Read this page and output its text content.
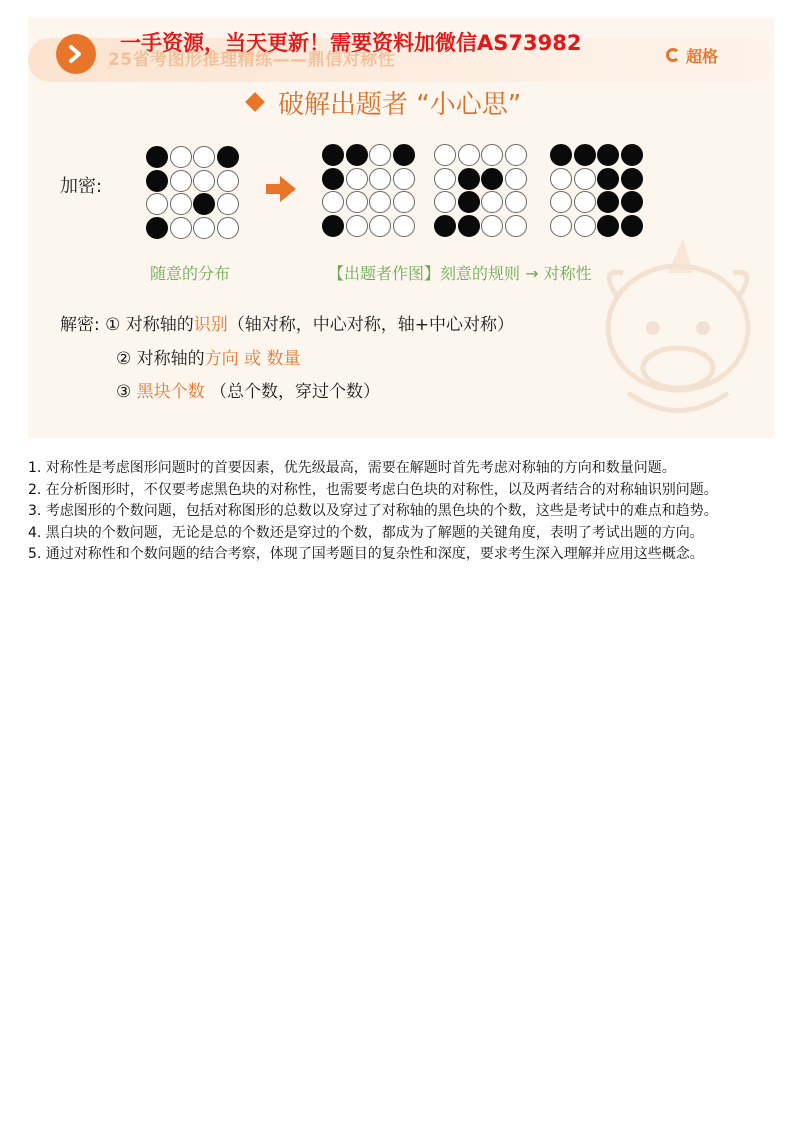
25省考图形推理精练——鼎信对称性
一手资源，当天更新！需要资料加微信AS73982
超格
破解出题者 “小心思”
加密:
随意的分布	【出题者作图】刻意的规则 → 对称性
解密: ① 对称轴的识别（轴对称，中心对称，轴+中心对称）
② 对称轴的方向 或 数量
③ 黑块个数 （总个数，穿过个数）

1. 对称性是考虑图形问题时的首要因素，优先级最高，需要在解题时首先考虑对称轴的方向和数量问题。

2. 在分析图形时，不仅要考虑黑色块的对称性，也需要考虑白色块的对称性，以及两者结合的对称轴识别问题。

3. 考虑图形的个数问题，包括对称图形的总数以及穿过了对称轴的黑色块的个数，这些是考试中的难点和趋势。

4. 黑白块的个数问题，无论是总的个数还是穿过的个数，都成为了解题的关键角度，表明了考试出题的方向。

5. 通过对称性和个数问题的结合考察，体现了国考题目的复杂性和深度，要求考生深入理解并应用这些概念。
